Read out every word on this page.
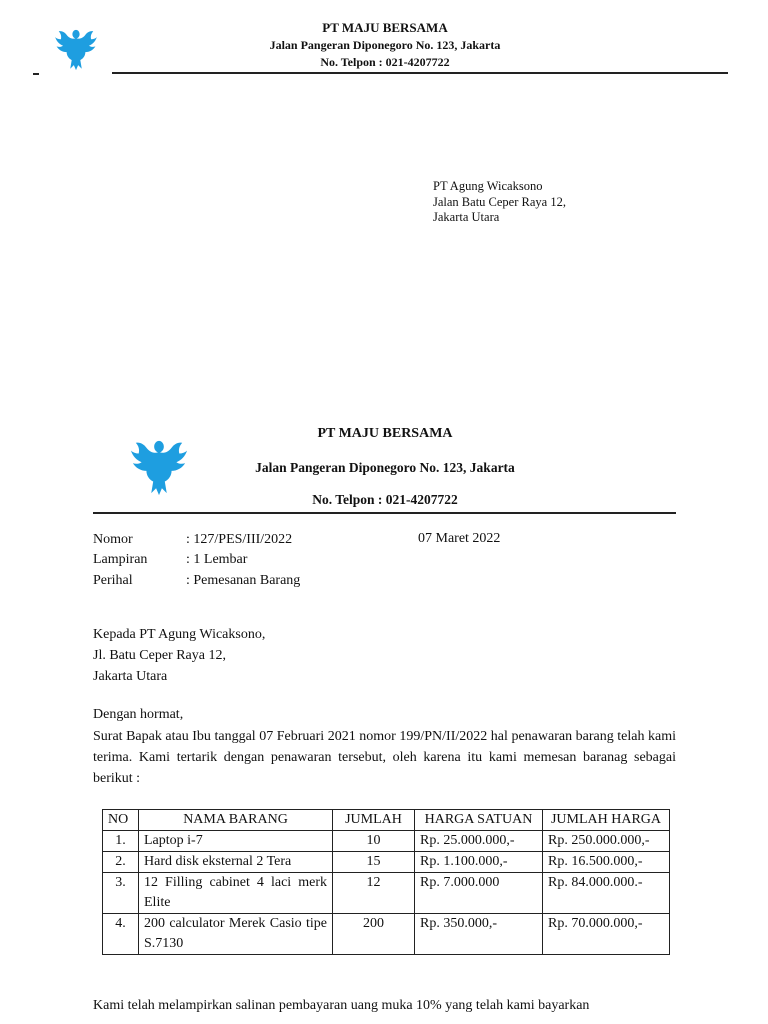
PT MAJU BERSAMA
Jalan Pangeran Diponegoro No. 123, Jakarta
No. Telpon : 021-4207722
PT Agung Wicaksono
Jalan Batu Ceper Raya 12,
Jakarta Utara
PT MAJU BERSAMA
Jalan Pangeran Diponegoro No. 123, Jakarta
No. Telpon : 021-4207722
Nomor	: 127/PES/III/2022	07 Maret 2022
Lampiran	: 1 Lembar
Perihal	: Pemesanan Barang
Kepada PT Agung Wicaksono,
Jl. Batu Ceper Raya 12,
Jakarta Utara
Dengan hormat,
Surat Bapak atau Ibu tanggal 07 Februari 2021 nomor 199/PN/II/2022 hal penawaran barang telah kami terima. Kami tertarik dengan penawaran tersebut, oleh karena itu kami memesan baranag sebagai berikut :
NO	NAMA BARANG	JUMLAH	HARGA SATUAN	JUMLAH HARGA
1.	Laptop i-7	10	Rp. 25.000.000,-	Rp. 250.000.000,-
2.	Hard disk eksternal 2 Tera	15	Rp. 1.100.000,-	Rp. 16.500.000,-
3.	12 Filling cabinet 4 laci merk Elite	12	Rp. 7.000.000	Rp. 84.000.000.-
4.	200 calculator Merek Casio tipe S.7130	200	Rp. 350.000,-	Rp. 70.000.000,-
Kami telah melampirkan salinan pembayaran uang muka 10% yang telah kami bayarkan
